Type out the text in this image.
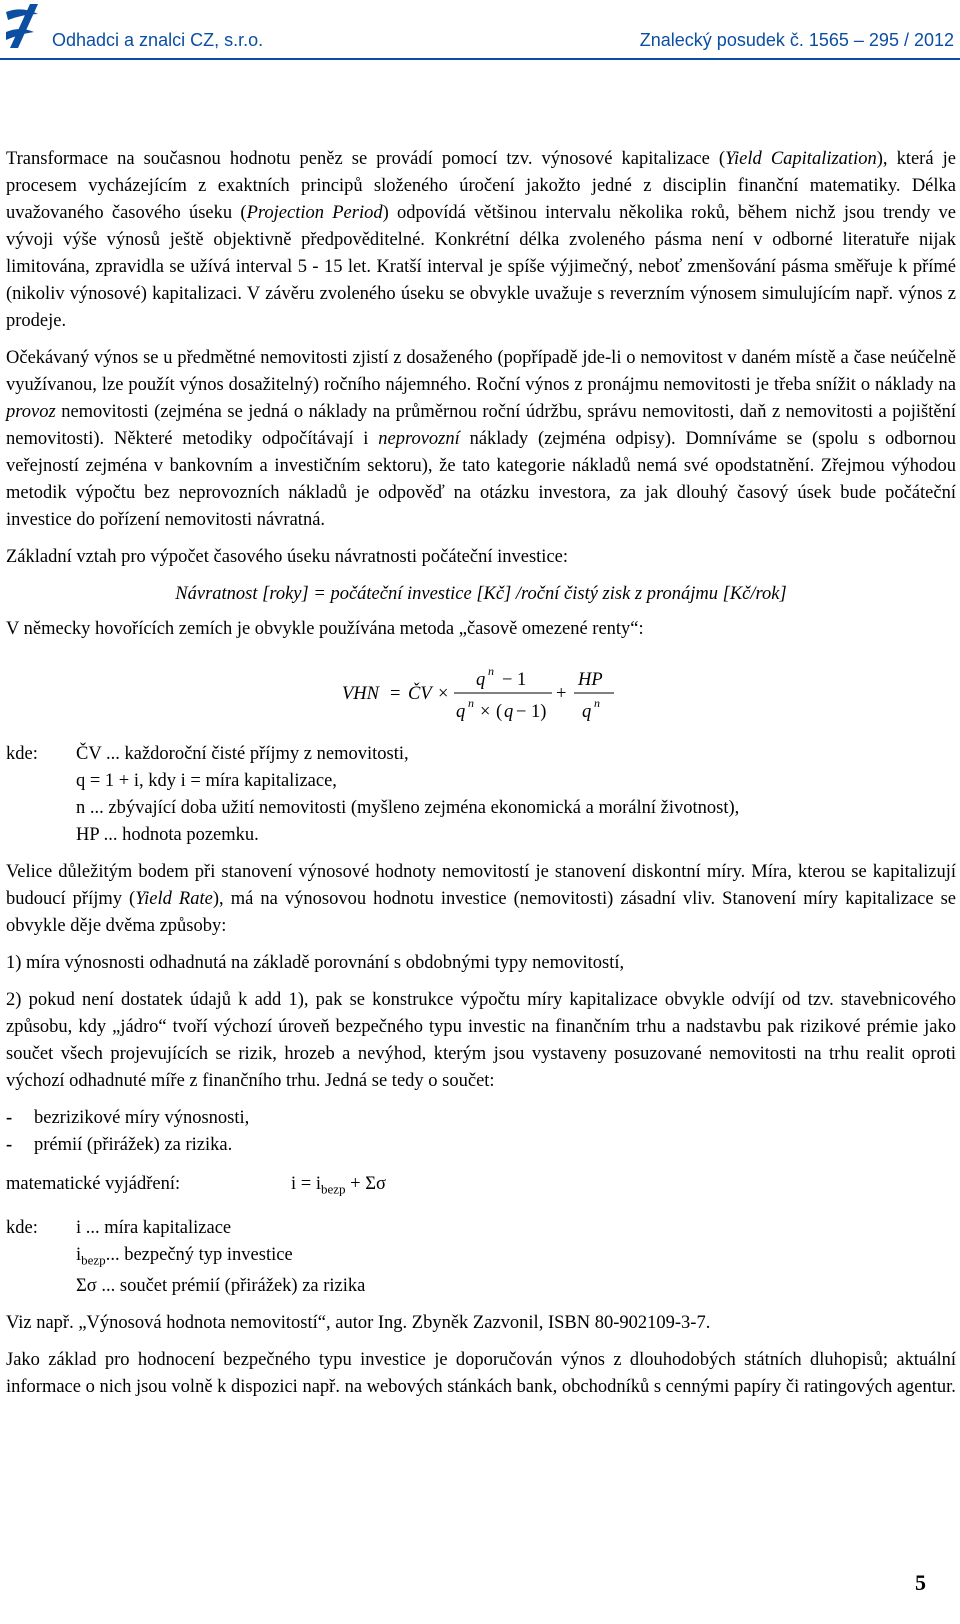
Odhadci a znalci CZ, s.r.o.	Znalecký posudek č. 1565 – 295 / 2012

Transformace na současnou hodnotu peněz se provádí pomocí tzv. výnosové kapitalizace (Yield Capitalization), která je procesem vycházejícím z exaktních principů složeného úročení jakožto jedné z disciplin finanční matematiky. Délka uvažovaného časového úseku (Projection Period) odpovídá většinou intervalu několika roků, během nichž jsou trendy ve vývoji výše výnosů ještě objektivně předpověditelné. Konkrétní délka zvoleného pásma není v odborné literatuře nijak limitována, zpravidla se užívá interval 5 - 15 let. Kratší interval je spíše výjimečný, neboť zmenšování pásma směřuje k přímé (nikoliv výnosové) kapitalizaci. V závěru zvoleného úseku se obvykle uvažuje s reverzním výnosem simulujícím např. výnos z prodeje.

Očekávaný výnos se u předmětné nemovitosti zjistí z dosaženého (popřípadě jde-li o nemovitost v daném místě a čase neúčelně využívanou, lze použít výnos dosažitelný) ročního nájemného. Roční výnos z pronájmu nemovitosti je třeba snížit o náklady na provoz nemovitosti (zejména se jedná o náklady na průměrnou roční údržbu, správu nemovitosti, daň z nemovitosti a pojištění nemovitosti). Některé metodiky odpočítávají i neprovozní náklady (zejména odpisy). Domníváme se (spolu s odbornou veřejností zejména v bankovním a investičním sektoru), že tato kategorie nákladů nemá své opodstatnění. Zřejmou výhodou metodik výpočtu bez neprovozních nákladů je odpověď na otázku investora, za jak dlouhý časový úsek bude počáteční investice do pořízení nemovitosti návratná.

Základní vztah pro výpočet časového úseku návratnosti počáteční investice:

Návratnost [roky] = počáteční investice [Kč] /roční čistý zisk z pronájmu [Kč/rok]

V německy hovořících zemích je obvykle používána metoda „časově omezené renty“:

VHN = ČV ×
q n − 1
q n × ( q − 1)
+
HP
q n
kde:	ČV ... každoroční čisté příjmy z nemovitosti,
q = 1 + i, kdy i = míra kapitalizace,
n ... zbývající doba užití nemovitosti (myšleno zejména ekonomická a morální životnost),
HP ... hodnota pozemku.

Velice důležitým bodem při stanovení výnosové hodnoty nemovitostí je stanovení diskontní míry. Míra, kterou se kapitalizují budoucí příjmy (Yield Rate), má na výnosovou hodnotu investice (nemovitosti) zásadní vliv. Stanovení míry kapitalizace se obvykle děje dvěma způsoby:

1) míra výnosnosti odhadnutá na základě porovnání s obdobnými typy nemovitostí,

2) pokud není dostatek údajů k add 1), pak se konstrukce výpočtu míry kapitalizace obvykle odvíjí od tzv. stavebnicového způsobu, kdy „jádro“ tvoří výchozí úroveň bezpečného typu investic na finančním trhu a nadstavbu pak rizikové prémie jako součet všech projevujících se rizik, hrozeb a nevýhod, kterým jsou vystaveny posuzované nemovitosti na trhu realit oproti výchozí odhadnuté míře z finančního trhu. Jedná se tedy o součet:

-	bezrizikové míry výnosnosti,
-	prémií (přirážek) za rizika.
matematické vyjádření:	$i = i_{bezp} + \Sigma\sigma$
kde:	i ... míra kapitalizace
$i_{bezp}$... bezpečný typ investice
Σσ ... součet prémií (přirážek) za rizika

Viz např. „Výnosová hodnota nemovitostí“, autor Ing. Zbyněk Zazvonil, ISBN 80-902109-3-7.

Jako základ pro hodnocení bezpečného typu investice je doporučován výnos z dlouhodobých státních dluhopisů; aktuální informace o nich jsou volně k dispozici např. na webových stánkách bank, obchodníků s cennými papíry či ratingových agentur.

5
